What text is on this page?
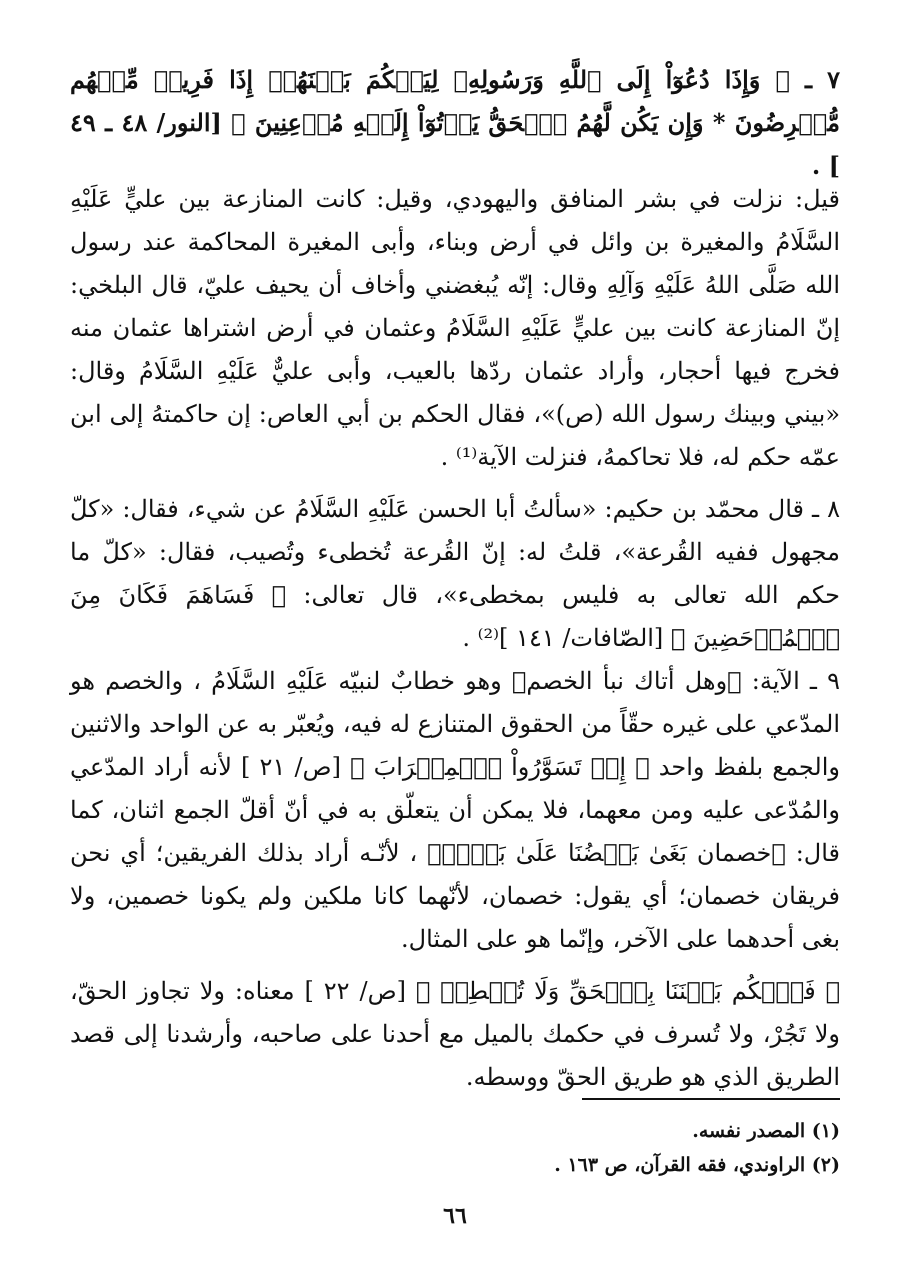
٧ ـ ﴿ وَإِذَا دُعُوٓاْ إِلَى ٱللَّهِ وَرَسُولِهِۦ لِيَحۡكُمَ بَيۡنَهُمۡ إِذَا فَرِيقٞ مِّنۡهُم مُّعۡرِضُونَ * وَإِن يَكُن لَّهُمُ ٱلۡحَقُّ يَأۡتُوٓاْ إِلَيۡهِ مُذۡعِنِينَ ﴾ [النور/ ٤٨ ـ ٤٩ ] .

قيل: نزلت في بشر المنافق واليهودي، وقيل: كانت المنازعة بين عليٍّ عَلَيْهِ السَّلَامُ والمغيرة بن وائل في أرض وبناء، وأبى المغيرة المحاكمة عند رسول الله صَلَّى اللهُ عَلَيْهِ وَآلِهِ وقال: إنّه يُبغضني وأخاف أن يحيف عليّ، قال البلخي: إنّ المنازعة كانت بين عليٍّ عَلَيْهِ السَّلَامُ وعثمان في أرض اشتراها عثمان منه فخرج فيها أحجار، وأراد عثمان ردّها بالعيب، وأبى عليٌّ عَلَيْهِ السَّلَامُ وقال: «بيني وبينك رسول الله (ص)»، فقال الحكم بن أبي العاص: إن حاكمتهُ إلى ابن عمّه حكم له، فلا تحاكمهُ، فنزلت الآية⁽¹⁾ .

٨ ـ قال محمّد بن حكيم: «سألتُ أبا الحسن عَلَيْهِ السَّلَامُ عن شيء، فقال: «كلّ مجهول ففيه القُرعة»، قلتُ له: إنّ القُرعة تُخطىء وتُصيب، فقال: «كلّ ما حكم الله تعالى به فليس بمخطىء»، قال تعالى: ﴿ فَسَاهَمَ فَكَانَ مِنَ ٱلۡمُدۡحَضِينَ ﴾ [الصّافات/ ١٤١ ]⁽²⁾ .

٩ ـ الآية: ﴿وهل أتاك نبأ الخصم﴾ وهو خطابٌ لنبيّه عَلَيْهِ السَّلَامُ ، والخصم هو المدّعي على غيره حقّاً من الحقوق المتنازع له فيه، ويُعبّر به عن الواحد والاثنين والجمع بلفظ واحد ﴿ إِذۡ تَسَوَّرُواْ ٱلۡمِحۡرَابَ ﴾ [ص/ ٢١ ] لأنه أراد المدّعي والمُدّعى عليه ومن معهما، فلا يمكن أن يتعلّق به في أنّ أقلّ الجمع اثنان، كما قال: ﴿خصمان بَغَىٰ بَعۡضُنَا عَلَىٰ بَعۡضٖ﴾ ، لأنّـه أراد بذلك الفريقين؛ أي نحن فريقان خصمان؛ أي يقول: خصمان، لأنّهما كانا ملكين ولم يكونا خصمين، ولا بغى أحدهما على الآخر، وإنّما هو على المثال.

﴿ فَٱحۡكُم بَيۡنَنَا بِٱلۡحَقِّ وَلَا تُشۡطِطۡ ﴾ [ص/ ٢٢ ] معناه: ولا تجاوز الحقّ، ولا تَجُرْ، ولا تُسرف في حكمك بالميل مع أحدنا على صاحبه، وأرشدنا إلى قصد الطريق الذي هو طريق الحقّ ووسطه.

(١) المصدر نفسه.

(٢) الراوندي، فقه القرآن، ص ١٦٣ .

٦٦
